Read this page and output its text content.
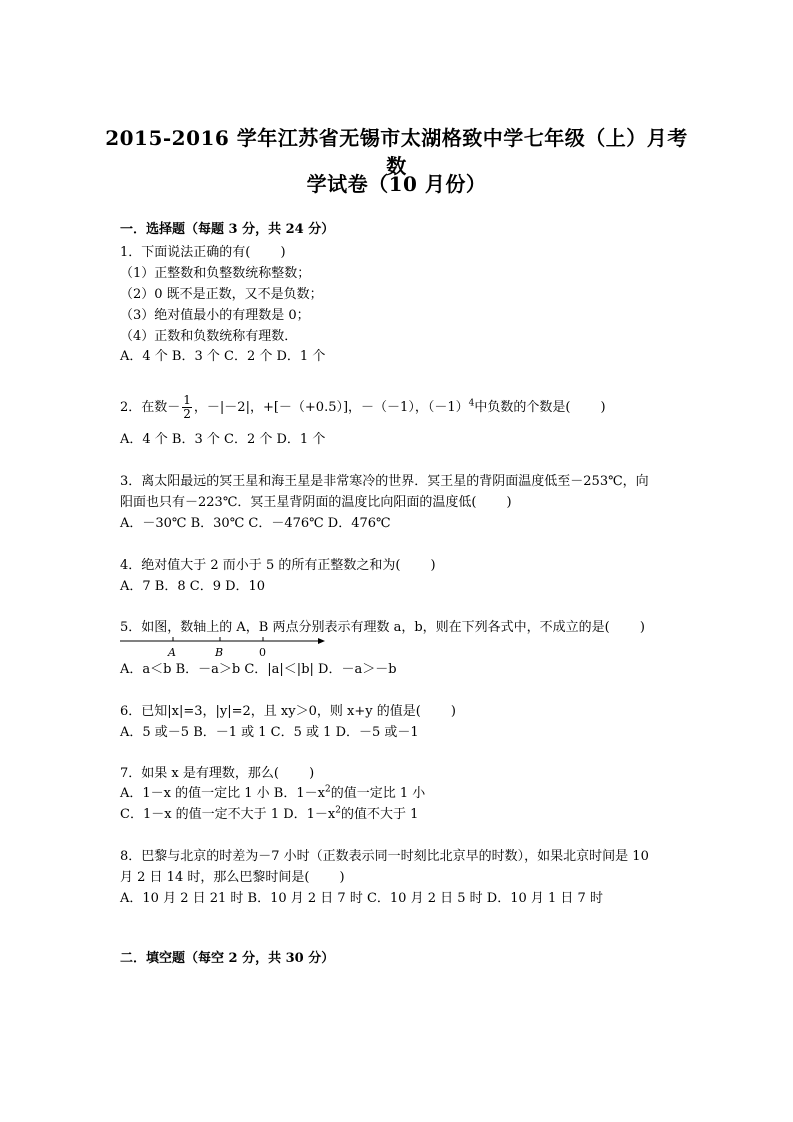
2015-2016 学年江苏省无锡市太湖格致中学七年级（上）月考数
学试卷（10 月份）
一．选择题（每题 3 分，共 24 分）
1．下面说法正确的有(　　 )
（1）正整数和负整数统称整数；
（2）0 既不是正数，又不是负数；
（3）绝对值最小的有理数是 0；
（4）正数和负数统称有理数．
A．4 个 B．3 个 C．2 个 D．1 个
2．在数－ $\frac{1}{2}$ ，－|－2|，+[－（+0.5）]，－（－1），$(-1)^4$中负数的个数是(　　 )
A．4 个 B．3 个 C．2 个 D．1 个
3．离太阳最远的冥王星和海王星是非常寒冷的世界．冥王星的背阴面温度低至－253℃，向
阳面也只有－223℃．冥王星背阴面的温度比向阳面的温度低(　　 )
A．－30℃ B．30℃ C．－476℃ D．476℃
4．绝对值大于 2 而小于 5 的所有正整数之和为(　　 )
A．7 B．8 C．9 D．10
5．如图，数轴上的 A，B 两点分别表示有理数 a，b，则在下列各式中，不成立的是(　　 )
A	B	0
A．a＜b B．－a＞b C．|a|＜|b| D．－a＞－b
6．已知|x|=3，|y|=2，且 xy＞0，则 x+y 的值是(　　 )
A．5 或－5 B．－1 或 1 C．5 或 1 D．－5 或－1
7．如果 x 是有理数，那么(　　 )
A．1－x 的值一定比 1 小 B．$1-x^2$的值一定比 1 小
C．1－x 的值一定不大于 1 D．$1-x^2$的值不大于 1
8．巴黎与北京的时差为－7 小时（正数表示同一时刻比北京早的时数），如果北京时间是 10
月 2 日 14 时，那么巴黎时间是(　　 )
A．10 月 2 日 21 时 B．10 月 2 日 7 时 C．10 月 2 日 5 时 D．10 月 1 日 7 时
二．填空题（每空 2 分，共 30 分）
